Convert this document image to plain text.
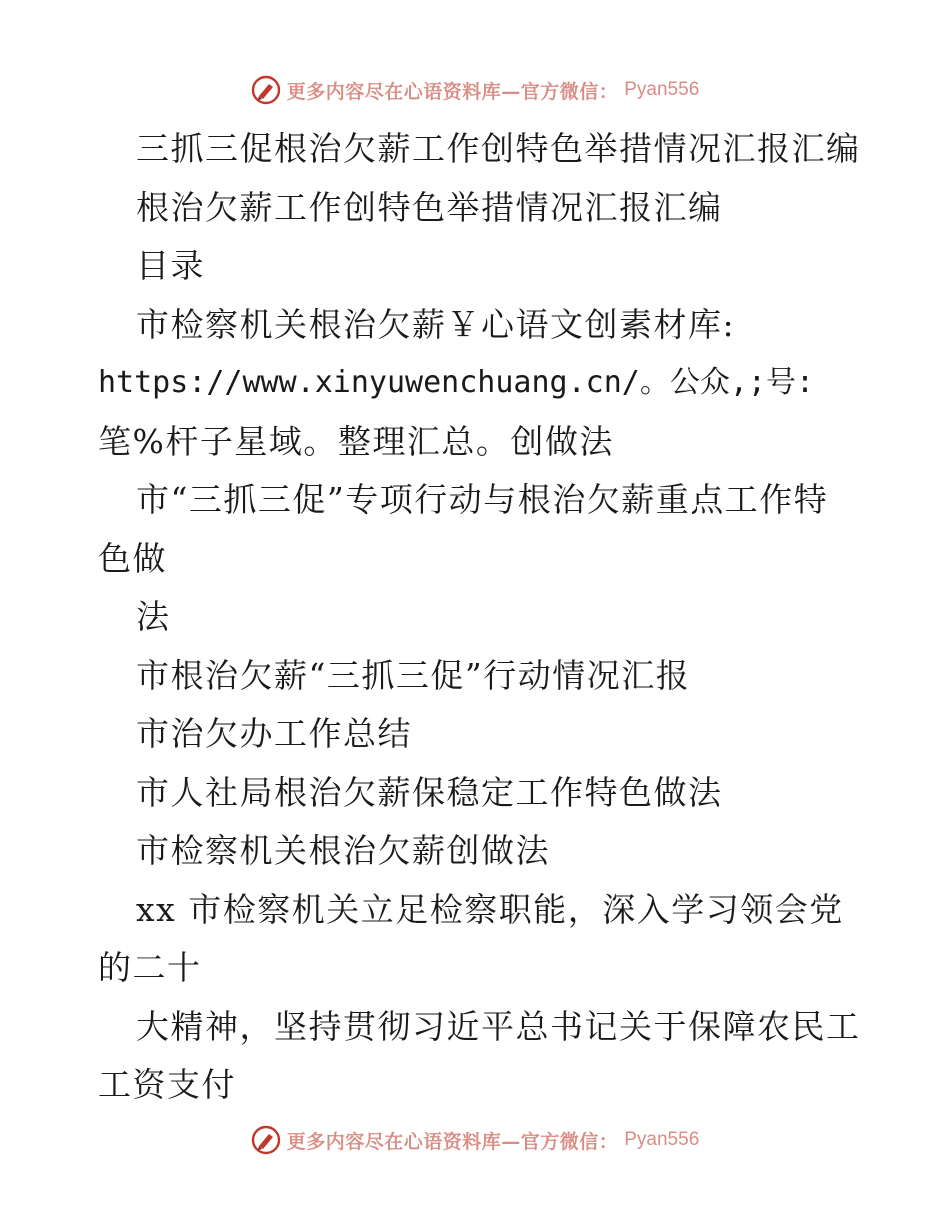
更多内容尽在心语资料库—官方微信： Pyan556
三抓三促根治欠薪工作创特色举措情况汇报汇编
根治欠薪工作创特色举措情况汇报汇编
目录
市检察机关根治欠薪￥心语文创素材库:
https://www.xinyuwenchuang.cn/。公众,;号:
笔%杆子星域。整理汇总。创做法
市“三抓三促”专项行动与根治欠薪重点工作特
色做
法
市根治欠薪“三抓三促”行动情况汇报
市治欠办工作总结
市人社局根治欠薪保稳定工作特色做法
市检察机关根治欠薪创做法
xx 市检察机关立足检察职能，深入学习领会党
的二十
大精神，坚持贯彻习近平总书记关于保障农民工
工资支付
更多内容尽在心语资料库—官方微信： Pyan556
